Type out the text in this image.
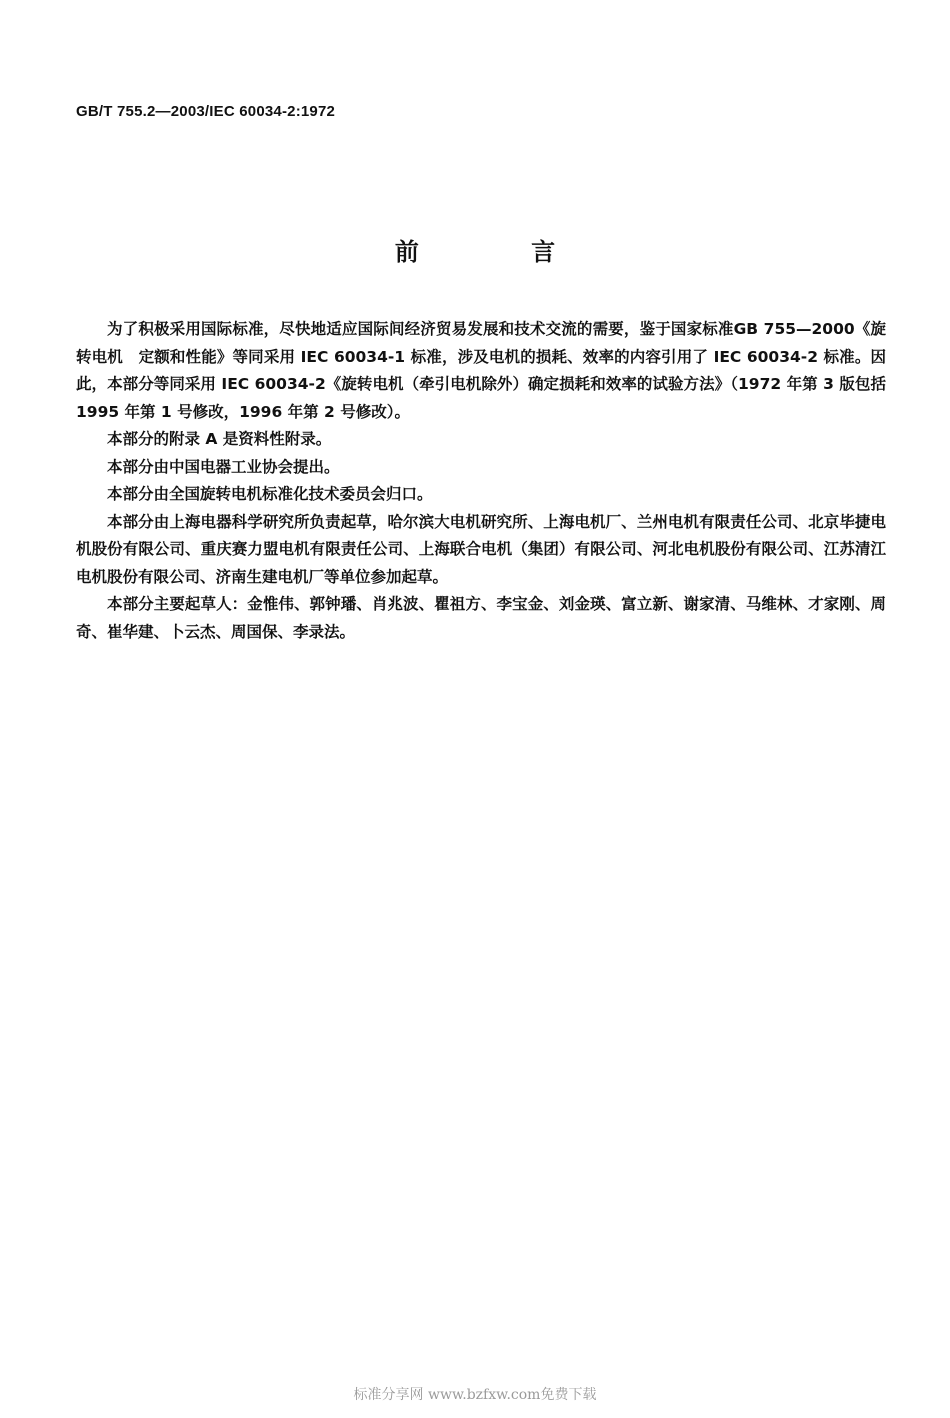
GB/T 755.2—2003/IEC 60034-2:1972
前 言

为了积极采用国际标准，尽快地适应国际间经济贸易发展和技术交流的需要，鉴于国家标准GB 755—2000《旋转电机　定额和性能》等同采用 IEC 60034-1 标准，涉及电机的损耗、效率的内容引用了 IEC 60034-2 标准。因此，本部分等同采用 IEC 60034-2《旋转电机（牵引电机除外）确定损耗和效率的试验方法》（1972 年第 3 版包括 1995 年第 1 号修改，1996 年第 2 号修改）。

本部分的附录 A 是资料性附录。

本部分由中国电器工业协会提出。

本部分由全国旋转电机标准化技术委员会归口。

本部分由上海电器科学研究所负责起草，哈尔滨大电机研究所、上海电机厂、兰州电机有限责任公司、北京毕捷电机股份有限公司、重庆赛力盟电机有限责任公司、上海联合电机（集团）有限公司、河北电机股份有限公司、江苏清江电机股份有限公司、济南生建电机厂等单位参加起草。

本部分主要起草人：金惟伟、郭钟璠、肖兆波、瞿祖方、李宝金、刘金瑛、富立新、谢家清、马维林、才家刚、周奇、崔华建、卜云杰、周国保、李录法。

标准分享网 www.bzfxw.com免费下载
